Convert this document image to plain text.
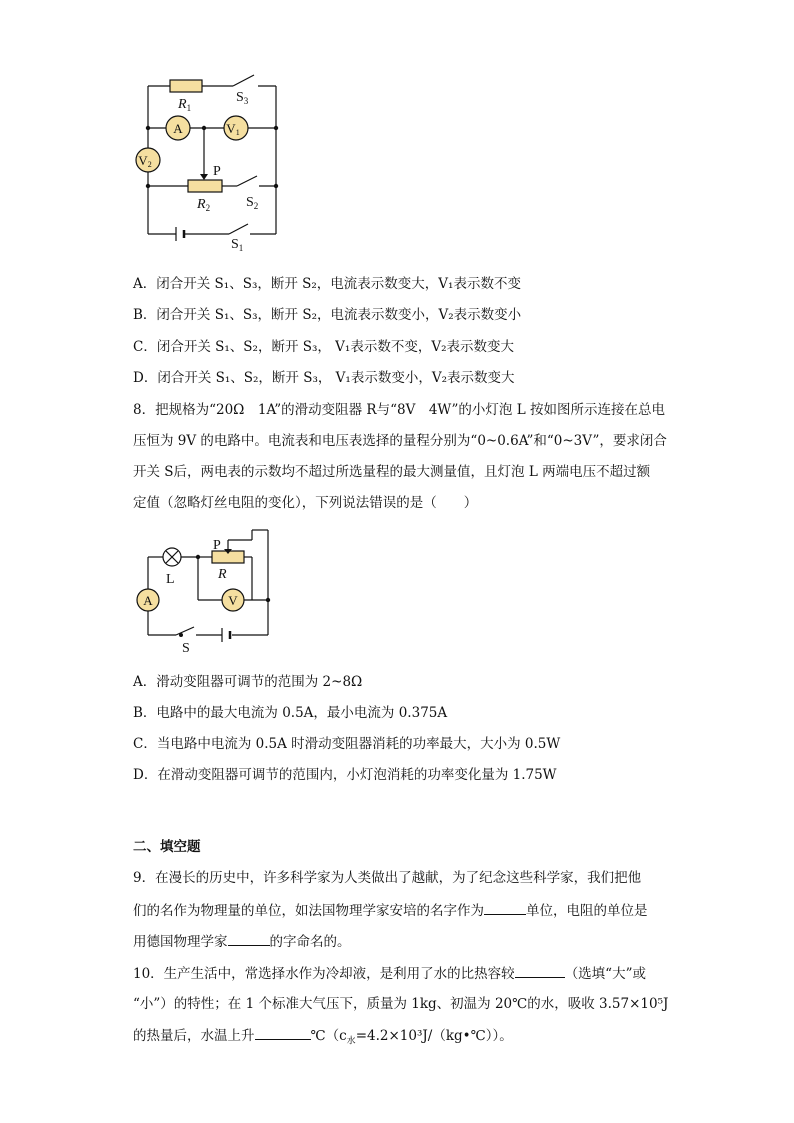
A	V1
V2
$R_1$
$S_3$
P
$R_2$	$S_2$
$S_1$
A．闭合开关 S₁、S₃，断开 S₂，电流表示数变大，V₁表示数不变
B．闭合开关 S₁、S₃，断开 S₂，电流表示数变小，V₂表示数变小
C．闭合开关 S₁、S₂，断开 S₃， V₁表示数不变，V₂表示数变大
D．闭合开关 S₁、S₂，断开 S₃， V₁表示数变小，V₂表示数变大
8．把规格为“20Ω　1A”的滑动变阻器 R与“8V　4W”的小灯泡 L 按如图所示连接在总电
压恒为 9V 的电路中。电流表和电压表选择的量程分别为“0~0.6A”和“0~3V”，要求闭合
开关 S后，两电表的示数均不超过所选量程的最大测量值，且灯泡 L 两端电压不超过额
定值（忽略灯丝电阻的变化），下列说法错误的是（　　）
A	V
P
L	R
S
A．滑动变阻器可调节的范围为 2~8Ω
B．电路中的最大电流为 0.5A，最小电流为 0.375A
C．当电路中电流为 0.5A 时滑动变阻器消耗的功率最大，大小为 0.5W
D．在滑动变阻器可调节的范围内，小灯泡消耗的功率变化量为 1.75W
二、填空题
9．在漫长的历史中，许多科学家为人类做出了越献，为了纪念这些科学家，我们把他
们的名作为物理量的单位，如法国物理学家安培的名字作为	单位，电阻的单位是
用德国物理学家	的字命名的。
10．生产生活中，常选择水作为冷却液，是利用了水的比热容较	（选填“大”或
“小”）的特性；在 1 个标准大气压下，质量为 1kg、初温为 20℃的水，吸收 3.57×10⁵J
的热量后，水温上升	$℃(c_水=4.2\times 10^3J/(kg•℃))$。
